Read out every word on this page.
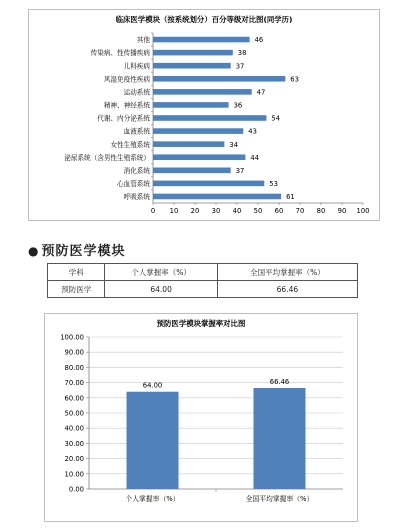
临床医学模块（按系统划分）百分等级对比图(同学历)
其他	46
传染病、性传播疾病	38
儿科疾病	37
风湿免疫性疾病	63
运动系统	47
精神、神经系统	36
代谢、内分泌系统	54
血液系统	43
女性生殖系统	34
泌尿系统（含男性生殖系统）	44
消化系统	37
心血管系统	53
呼吸系统	61
0 10 20 30 40 50 60 70 80 90 100
● 预防医学模块
学科	个人掌握率（%）	全国平均掌握率（%）
预防医学	64.00	66.46
预防医学模块掌握率对比图
0.00
10.00
20.00
30.00
40.00
50.00
60.00
70.00
80.00
90.00
100.00
64.00
个人掌握率（%）
66.46
全国平均掌握率（%）
